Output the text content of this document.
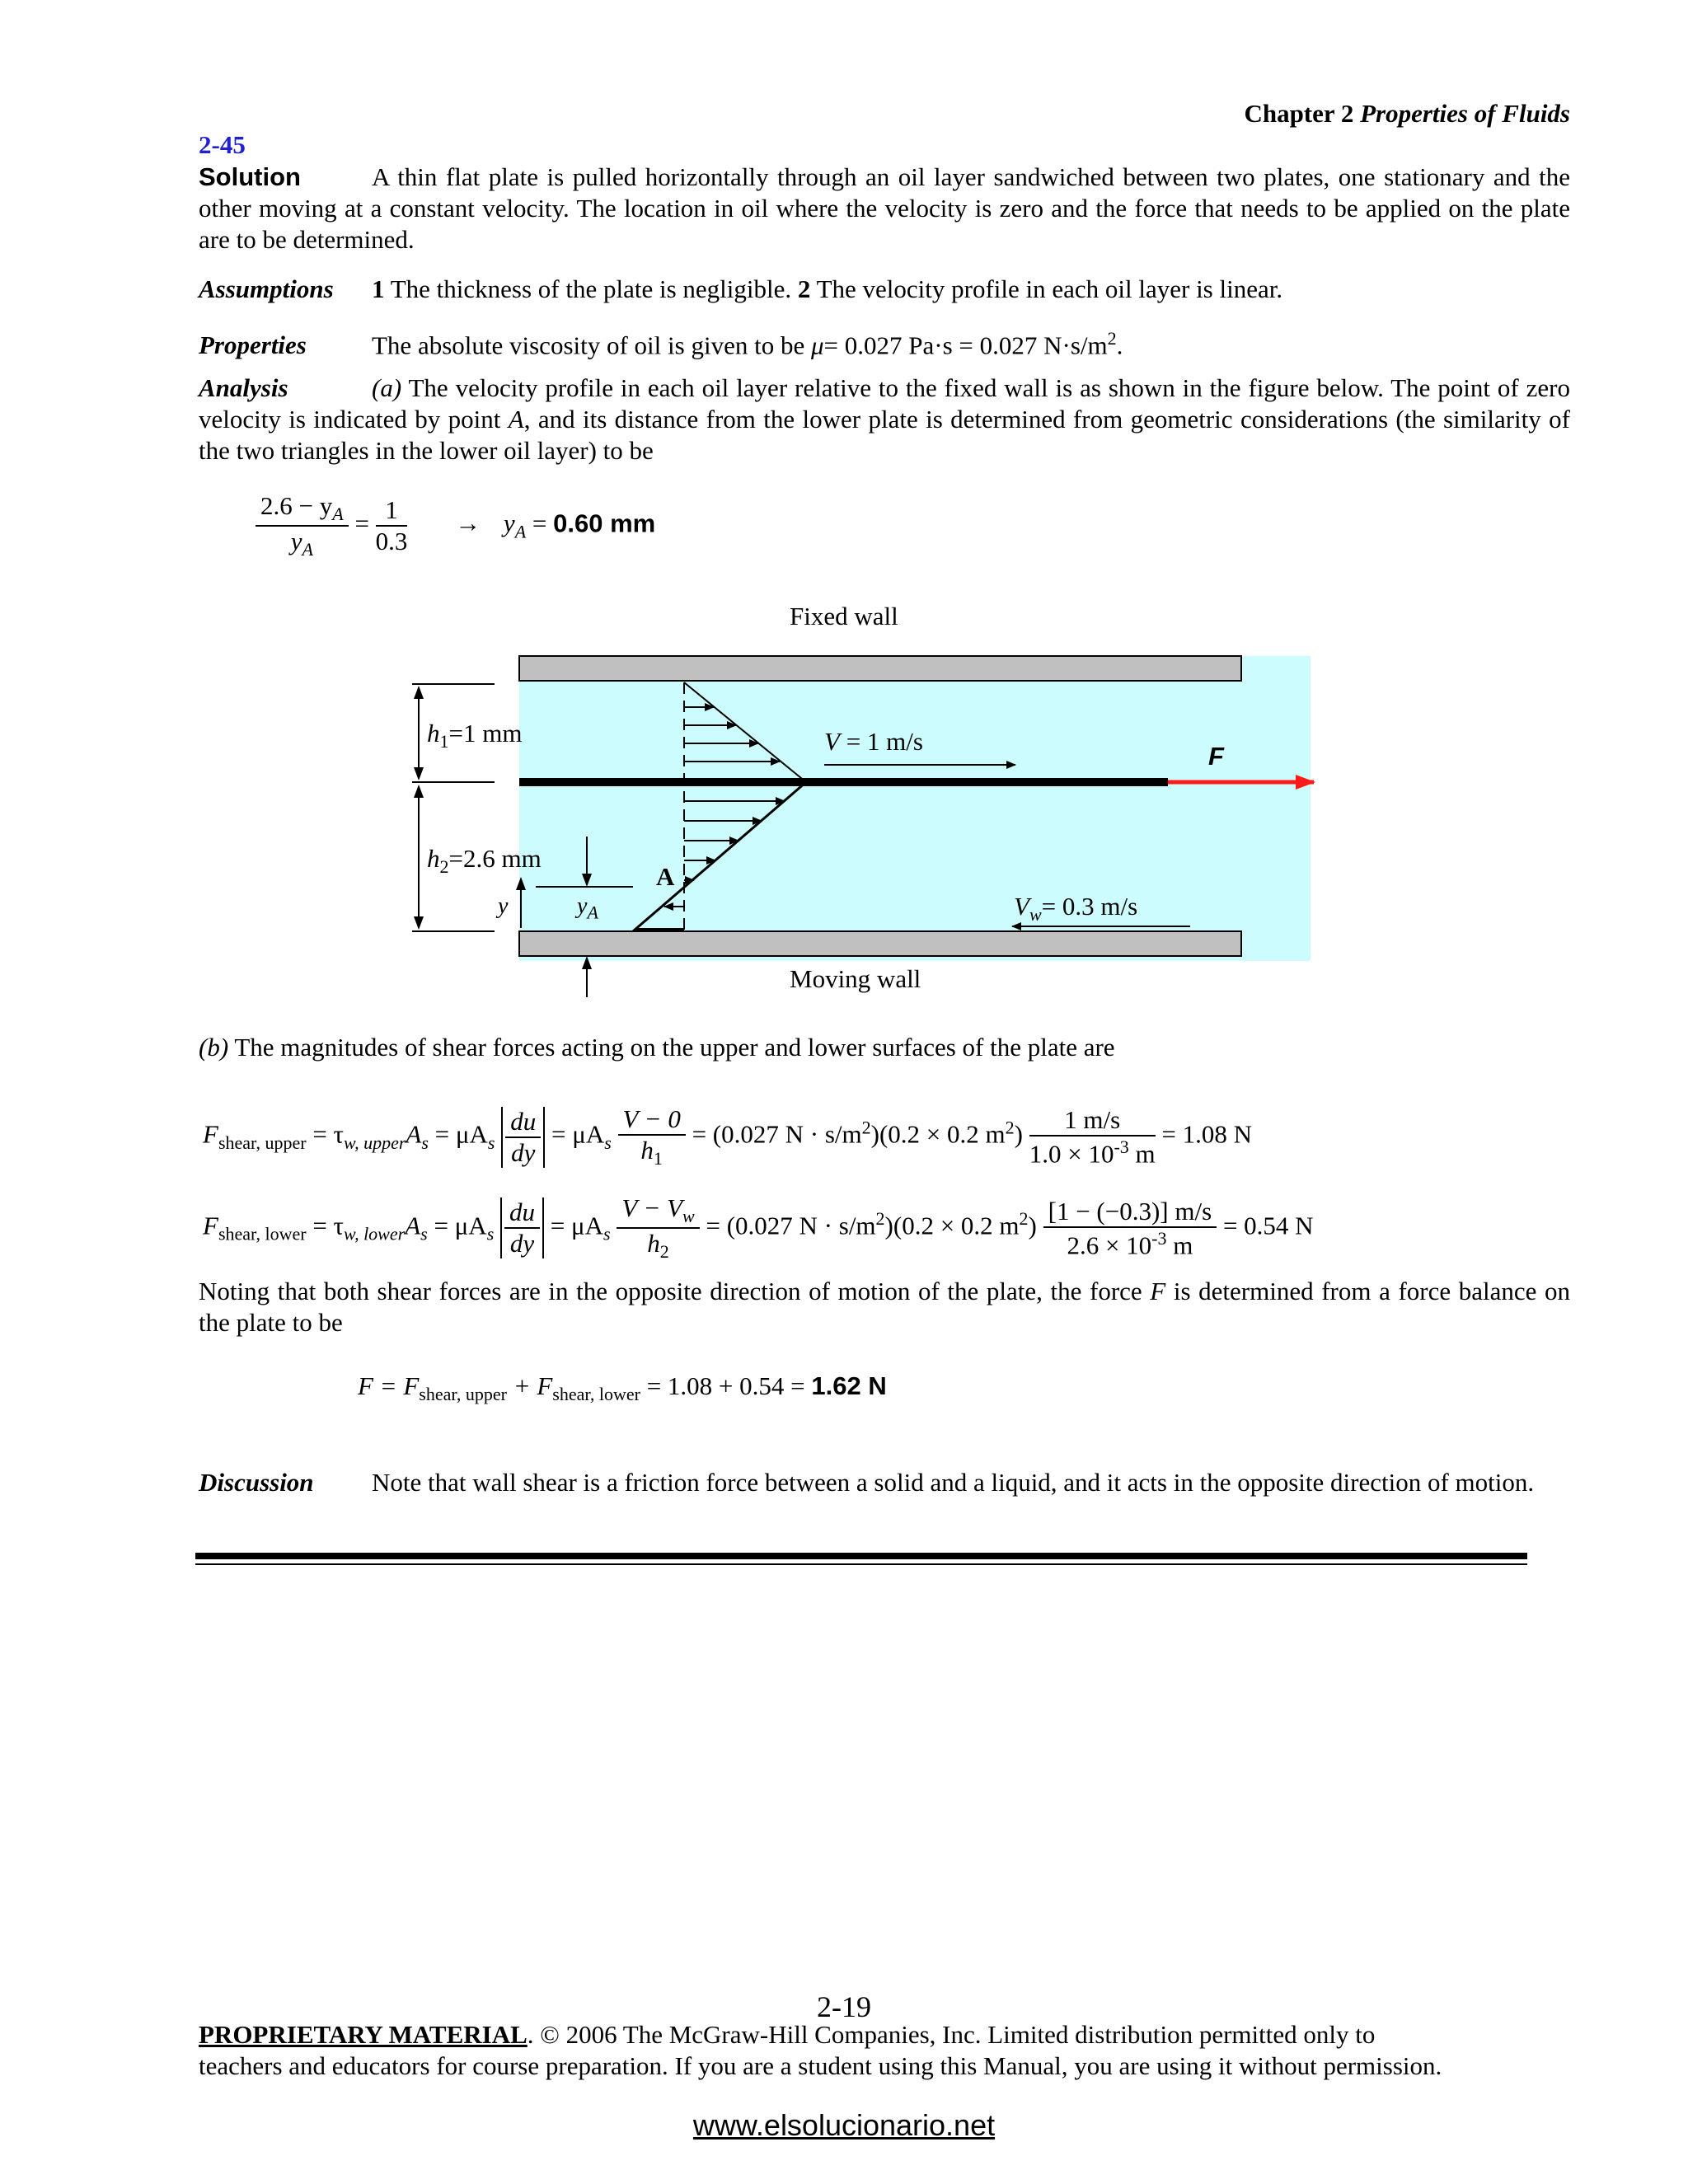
Chapter 2 Properties of Fluids
2-45

Solution	A thin flat plate is pulled horizontally through an oil layer sandwiched between two plates, one stationary and the other moving at a constant velocity. The location in oil where the velocity is zero and the force that needs to be applied on the plate are to be determined.

Assumptions 1 The thickness of the plate is negligible. 2 The velocity profile in each oil layer is linear.

Properties	The absolute viscosity of oil is given to be μ= 0.027 Pa·s = 0.027 $N\cdot s/m^2$.

Analysis	(a) The velocity profile in each oil layer relative to the fixed wall is as shown in the figure below. The point of zero velocity is indicated by point A, and its distance from the lower plate is determined from geometric considerations (the similarity of the two triangles in the lower oil layer) to be

$\frac{2.6 - y_A}{y_A} = \frac{1}{0.3} \to y_A = 0.60$ mm
Fixed wall
$h_1=1$ mm
$h_2=2.6$ mm
V = 1 m/s
F
A
y	$y_A$	$V_w= 0.3$ m/s
Moving wall

(b) The magnitudes of shear forces acting on the upper and lower surfaces of the plate are

$F_{shear, upper} = \tau_{w, upper}A_s = \mu A_s \frac{du}{dy} = \mu A_s \frac{V - 0}{h_1} = (0.027$ $N \cdot s/m^2)(0.2 \times 0.2$ $m^2) \frac{1 m/s}{1.0 \times 10^{-3} m} = 1.08$ N
$F_{shear, lower} = \tau_{w, lower}A_s = \mu A_s \frac{du}{dy} = \mu A_s \frac{V - V_w}{h_2} = (0.027$ $N \cdot s/m^2)(0.2 \times 0.2$ $m^2) \frac{[1 - (-0.3)] m/s}{2.6 \times 10^{-3} m} = 0.54$ N

Noting that both shear forces are in the opposite direction of motion of the plate, the force F is determined from a force balance on the plate to be

$F = F_{shear, upper} + F_{shear, lower} = 1.08 + 0.54 = 1.62$ N

Discussion Note that wall shear is a friction force between a solid and a liquid, and it acts in the opposite direction of motion.

2-19
PROPRIETARY MATERIAL. © 2006 The McGraw-Hill Companies, Inc. Limited distribution permitted only to
teachers and educators for course preparation. If you are a student using this Manual, you are using it without permission.
www.elsolucionario.net
